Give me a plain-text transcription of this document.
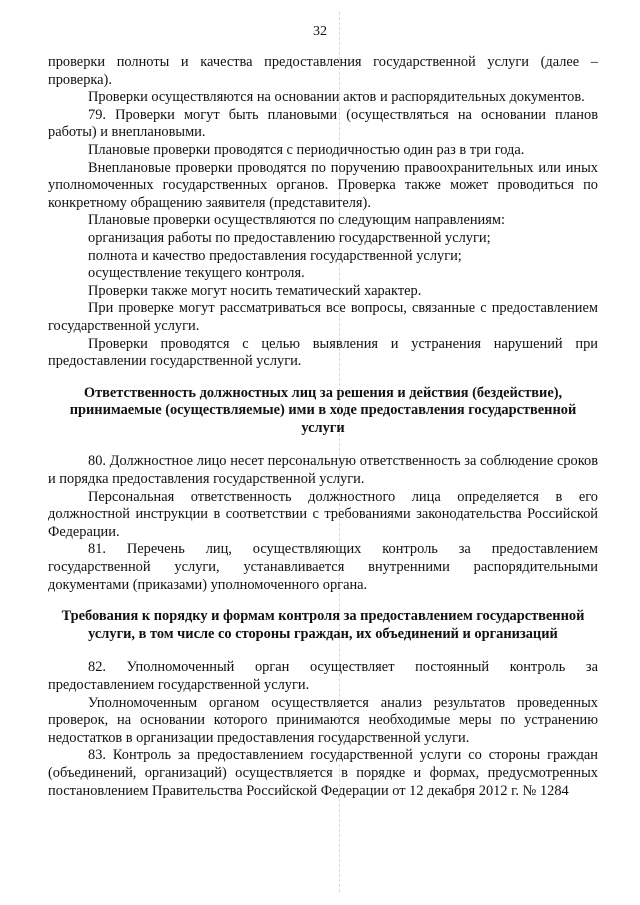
32

проверки полноты и качества предоставления государственной услуги (далее – проверка).

Проверки осуществляются на основании актов и распорядительных документов.

79. Проверки могут быть плановыми (осуществляться на основании планов работы) и внеплановыми.

Плановые проверки проводятся с периодичностью один раз в три года.

Внеплановые проверки проводятся по поручению правоохранительных или иных уполномоченных государственных органов. Проверка также может проводиться по конкретному обращению заявителя (представителя).

Плановые проверки осуществляются по следующим направлениям:

организация работы по предоставлению государственной услуги;

полнота и качество предоставления государственной услуги;

осуществление текущего контроля.

Проверки также могут носить тематический характер.

При проверке могут рассматриваться все вопросы, связанные с предоставлением государственной услуги.

Проверки проводятся с целью выявления и устранения нарушений при предоставлении государственной услуги.

Ответственность должностных лиц за решения и действия (бездействие), принимаемые (осуществляемые) ими в ходе предоставления государственной услуги

80. Должностное лицо несет персональную ответственность за соблюдение сроков и порядка предоставления государственной услуги.

Персональная ответственность должностного лица определяется в его должностной инструкции в соответствии с требованиями законодательства Российской Федерации.

81. Перечень лиц, осуществляющих контроль за предоставлением государственной услуги, устанавливается внутренними распорядительными документами (приказами) уполномоченного органа.

Требования к порядку и формам контроля за предоставлением государственной услуги, в том числе со стороны граждан, их объединений и организаций

82. Уполномоченный орган осуществляет постоянный контроль за предоставлением государственной услуги.

Уполномоченным органом осуществляется анализ результатов проведенных проверок, на основании которого принимаются необходимые меры по устранению недостатков в организации предоставления государственной услуги.

83. Контроль за предоставлением государственной услуги со стороны граждан (объединений, организаций) осуществляется в порядке и формах, предусмотренных постановлением Правительства Российской Федерации от 12 декабря 2012 г. № 1284
